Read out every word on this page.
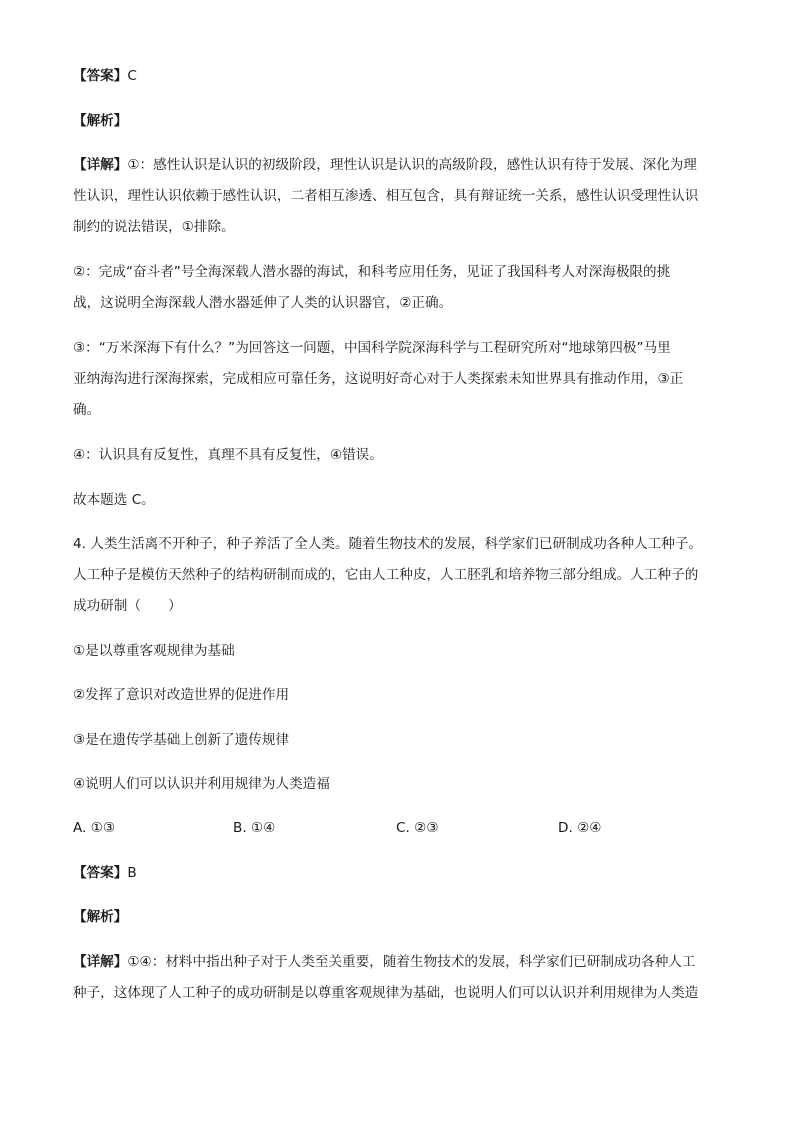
【答案】C
【解析】
【详解】①：感性认识是认识的初级阶段，理性认识是认识的高级阶段，感性认识有待于发展、深化为理
性认识，理性认识依赖于感性认识，二者相互渗透、相互包含，具有辩证统一关系，感性认识受理性认识
制约的说法错误，①排除。
②：完成“奋斗者”号全海深载人潜水器的海试，和科考应用任务，见证了我国科考人对深海极限的挑
战，这说明全海深载人潜水器延伸了人类的认识器官，②正确。
③：“万米深海下有什么？”为回答这一问题，中国科学院深海科学与工程研究所对“地球第四极”马里
亚纳海沟进行深海探索，完成相应可靠任务，这说明好奇心对于人类探索未知世界具有推动作用，③正
确。
④：认识具有反复性，真理不具有反复性，④错误。
故本题选 C。
4. 人类生活离不开种子，种子养活了全人类。随着生物技术的发展，科学家们已研制成功各种人工种子。
人工种子是模仿天然种子的结构研制而成的，它由人工种皮，人工胚乳和培养物三部分组成。人工种子的
成功研制（　　）
①是以尊重客观规律为基础
②发挥了意识对改造世界的促进作用
③是在遗传学基础上创新了遗传规律
④说明人们可以认识并利用规律为人类造福
A. ①③	B. ①④	C. ②③	D. ②④
【答案】B
【解析】
【详解】①④：材料中指出种子对于人类至关重要，随着生物技术的发展，科学家们已研制成功各种人工
种子，这体现了人工种子的成功研制是以尊重客观规律为基础，也说明人们可以认识并利用规律为人类造
